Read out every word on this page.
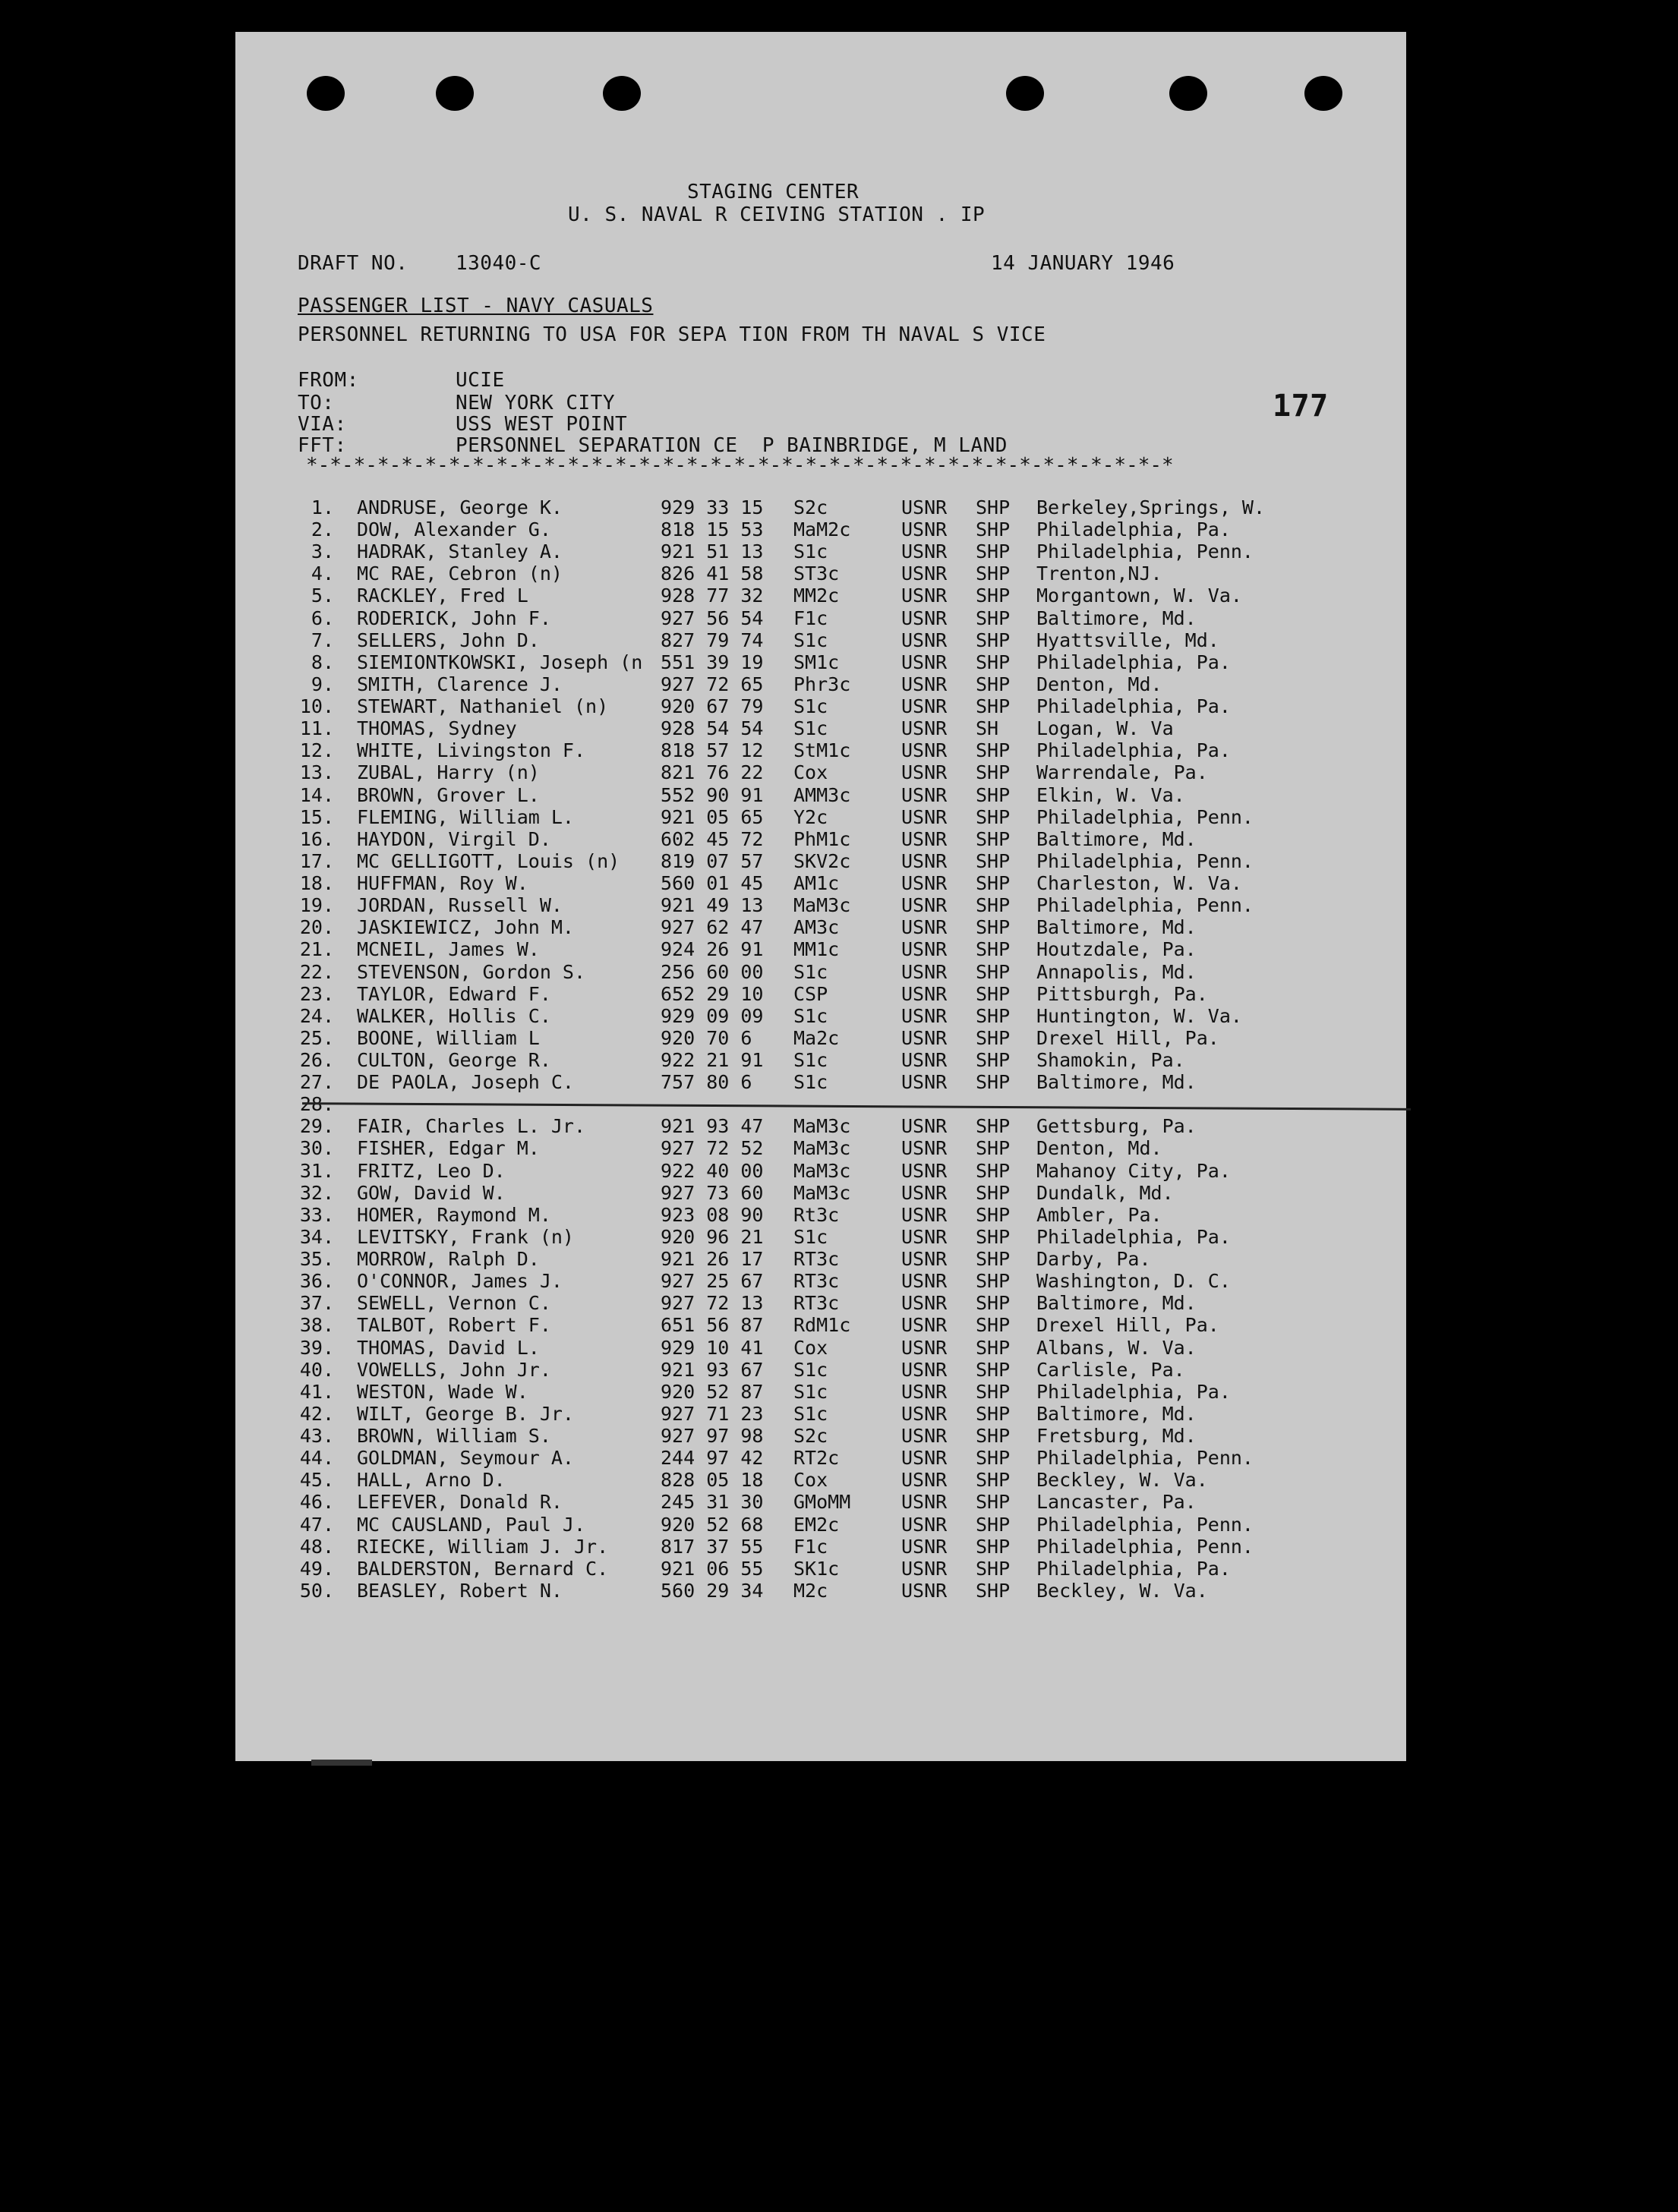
STAGING CENTER
U. S. NAVAL R CEIVING STATION . IP
DRAFT NO. 13040-C	14 JANUARY 1946
PASSENGER LIST - NAVY CASUALS
PERSONNEL RETURNING TO USA FOR SEPA TION FROM TH NAVAL S VICE
FROM:	UCIE
TO:	NEW YORK CITY
VIA:	USS WEST POINT
FFT:	PERSONNEL SEPARATION CE  P BAINBRIDGE, M LAND
177
*-*-*-*-*-*-*-*-*-*-*-*-*-*-*-*-*-*-*-*-*-*-*-*-*-*-*-*-*-*-*-*-*-*-*-*-*
1. ANDRUSE, George K.	929 33 15 S2c	USNR SHP Berkeley,Springs, W.
2. DOW, Alexander G.	818 15 53 MaM2c	USNR SHP Philadelphia, Pa.
3. HADRAK, Stanley A.	921 51 13 S1c	USNR SHP Philadelphia, Penn.
4. MC RAE, Cebron (n)	826 41 58 ST3c	USNR SHP Trenton,NJ.
5. RACKLEY, Fred L	928 77 32 MM2c	USNR SHP Morgantown, W. Va.
6. RODERICK, John F.	927 56 54 F1c	USNR SHP Baltimore, Md.
7. SELLERS, John D.	827 79 74 S1c	USNR SHP Hyattsville, Md.
8. SIEMIONTKOWSKI, Joseph (n 551 39 19 SM1c	USNR SHP Philadelphia, Pa.
9. SMITH, Clarence J.	927 72 65 Phr3c	USNR SHP Denton, Md.
10. STEWART, Nathaniel (n)	920 67 79 S1c	USNR SHP Philadelphia, Pa.
11. THOMAS, Sydney	928 54 54 S1c	USNR SH Logan, W. Va
12. WHITE, Livingston F.	818 57 12 StM1c	USNR SHP Philadelphia, Pa.
13. ZUBAL, Harry (n)	821 76 22 Cox	USNR SHP Warrendale, Pa.
14. BROWN, Grover L.	552 90 91 AMM3c	USNR SHP Elkin, W. Va.
15. FLEMING, William L.	921 05 65 Y2c	USNR SHP Philadelphia, Penn.
16. HAYDON, Virgil D.	602 45 72 PhM1c	USNR SHP Baltimore, Md.
17. MC GELLIGOTT, Louis (n) 819 07 57 SKV2c	USNR SHP Philadelphia, Penn.
18. HUFFMAN, Roy W.	560 01 45 AM1c	USNR SHP Charleston, W. Va.
19. JORDAN, Russell W.	921 49 13 MaM3c	USNR SHP Philadelphia, Penn.
20. JASKIEWICZ, John M.	927 62 47 AM3c	USNR SHP Baltimore, Md.
21. MCNEIL, James W.	924 26 91 MM1c	USNR SHP Houtzdale, Pa.
22. STEVENSON, Gordon S.	256 60 00 S1c	USNR SHP Annapolis, Md.
23. TAYLOR, Edward F.	652 29 10 CSP	USNR SHP Pittsburgh, Pa.
24. WALKER, Hollis C.	929 09 09 S1c	USNR SHP Huntington, W. Va.
25. BOONE, William L	920 70 6 Ma2c	USNR SHP Drexel Hill, Pa.
26. CULTON, George R.	922 21 91 S1c	USNR SHP Shamokin, Pa.
27. DE PAOLA, Joseph C.	757 80 6 S1c	USNR SHP Baltimore, Md.
28.
29. FAIR, Charles L. Jr.	921 93 47 MaM3c	USNR SHP Gettsburg, Pa.
30. FISHER, Edgar M.	927 72 52 MaM3c	USNR SHP Denton, Md.
31. FRITZ, Leo D.	922 40 00 MaM3c	USNR SHP Mahanoy City, Pa.
32. GOW, David W.	927 73 60 MaM3c	USNR SHP Dundalk, Md.
33. HOMER, Raymond M.	923 08 90 Rt3c	USNR SHP Ambler, Pa.
34. LEVITSKY, Frank (n)	920 96 21 S1c	USNR SHP Philadelphia, Pa.
35. MORROW, Ralph D.	921 26 17 RT3c	USNR SHP Darby, Pa.
36. O'CONNOR, James J.	927 25 67 RT3c	USNR SHP Washington, D. C.
37. SEWELL, Vernon C.	927 72 13 RT3c	USNR SHP Baltimore, Md.
38. TALBOT, Robert F.	651 56 87 RdM1c	USNR SHP Drexel Hill, Pa.
39. THOMAS, David L.	929 10 41 Cox	USNR SHP Albans, W. Va.
40. VOWELLS, John Jr.	921 93 67 S1c	USNR SHP Carlisle, Pa.
41. WESTON, Wade W.	920 52 87 S1c	USNR SHP Philadelphia, Pa.
42. WILT, George B. Jr.	927 71 23 S1c	USNR SHP Baltimore, Md.
43. BROWN, William S.	927 97 98 S2c	USNR SHP Fretsburg, Md.
44. GOLDMAN, Seymour A.	244 97 42 RT2c	USNR SHP Philadelphia, Penn.
45. HALL, Arno D.	828 05 18 Cox	USNR SHP Beckley, W. Va.
46. LEFEVER, Donald R.	245 31 30 GMoMM	USNR SHP Lancaster, Pa.
47. MC CAUSLAND, Paul J.	920 52 68 EM2c	USNR SHP Philadelphia, Penn.
48. RIECKE, William J. Jr.	817 37 55 F1c	USNR SHP Philadelphia, Penn.
49. BALDERSTON, Bernard C.	921 06 55 SK1c	USNR SHP Philadelphia, Pa.
50. BEASLEY, Robert N.	560 29 34 M2c	USNR SHP Beckley, W. Va.
